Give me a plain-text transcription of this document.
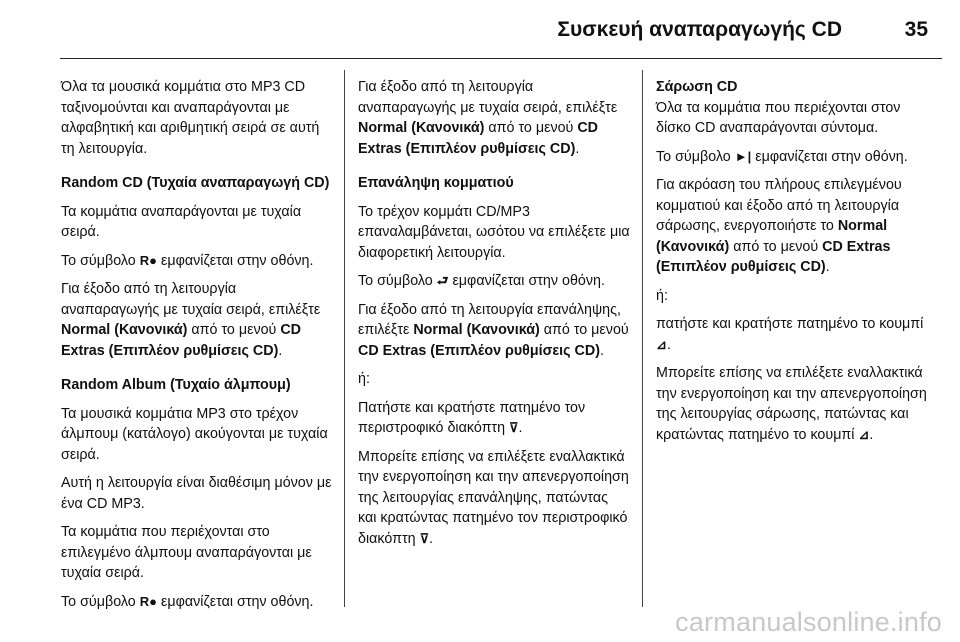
Συσκευή αναπαραγωγής CD	35

Όλα τα μουσικά κομμάτια στο MP3 CD ταξινομούνται και αναπαράγονται με αλφαβητική και αριθμητική σειρά σε αυτή τη λειτουργία.

Random CD (Τυχαία αναπαραγωγή CD)

Τα κομμάτια αναπαράγονται με τυχαία σειρά.

Το σύμβολο R● εμφανίζεται στην οθόνη.

Για έξοδο από τη λειτουργία αναπαραγωγής με τυχαία σειρά, επιλέξτε Normal (Κανονικά) από το μενού CD Extras (Επιπλέον ρυθμίσεις CD).

Random Album (Τυχαίο άλμπουμ)

Τα μουσικά κομμάτια MP3 στο τρέχον άλμπουμ (κατάλογο) ακούγονται με τυχαία σειρά.

Αυτή η λειτουργία είναι διαθέσιμη μόνον με ένα CD MP3.

Τα κομμάτια που περιέχονται στο επιλεγμένο άλμπουμ αναπαράγονται με τυχαία σειρά.

Το σύμβολο R● εμφανίζεται στην οθόνη.

Για έξοδο από τη λειτουργία αναπαραγωγής με τυχαία σειρά, επιλέξτε Normal (Κανονικά) από το μενού CD Extras (Επιπλέον ρυθμίσεις CD).

Επανάληψη κομματιού

Το τρέχον κομμάτι CD/MP3 επαναλαμβάνεται, ωσότου να επιλέξετε μια διαφορετική λειτουργία.

Το σύμβολο ⮐ εμφανίζεται στην οθόνη.

Για έξοδο από τη λειτουργία επανάληψης, επιλέξτε Normal (Κανονικά) από το μενού CD Extras (Επιπλέον ρυθμίσεις CD).

ή:

Πατήστε και κρατήστε πατημένο τον περιστροφικό διακόπτη ⊽.

Μπορείτε επίσης να επιλέξετε εναλλακτικά την ενεργοποίηση και την απενεργοποίηση της λειτουργίας επανάληψης, πατώντας και κρατώντας πατημένο τον περιστροφικό διακόπτη ⊽.

Σάρωση CD

Όλα τα κομμάτια που περιέχονται στον δίσκο CD αναπαράγονται σύντομα.

Το σύμβολο ►| εμφανίζεται στην οθόνη.

Για ακρόαση του πλήρους επιλεγμένου κομματιού και έξοδο από τη λειτουργία σάρωσης, ενεργοποιήστε το Normal (Κανονικά) από το μενού CD Extras (Επιπλέον ρυθμίσεις CD).

ή:

πατήστε και κρατήστε πατημένο το κουμπί ⊿.

Μπορείτε επίσης να επιλέξετε εναλλακτικά την ενεργοποίηση και την απενεργοποίηση της λειτουργίας σάρωσης, πατώντας και κρατώντας πατημένο το κουμπί ⊿.

carmanualsonline.info
